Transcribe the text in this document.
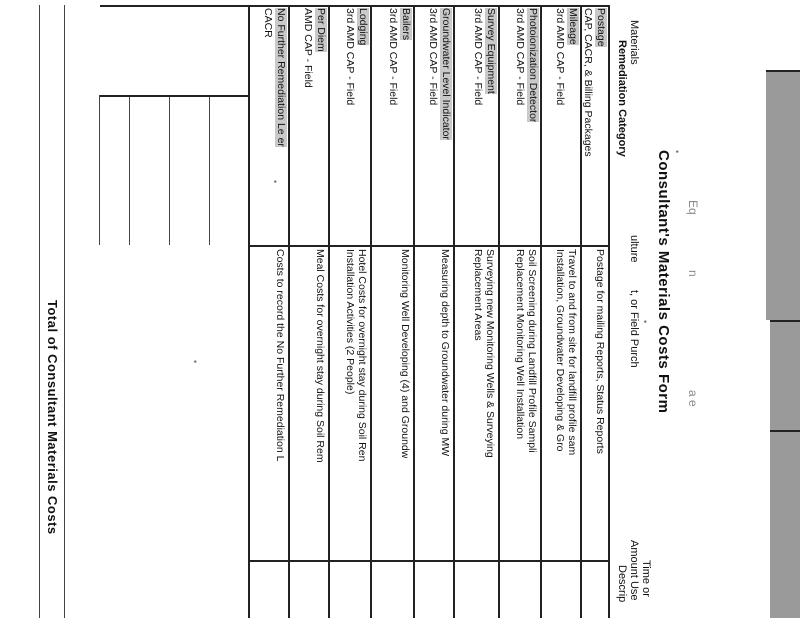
Eq
n
a e
Consultant's Materials Costs Form
Materials
Remediation Category
ulture
t, or Field Purch
Time or
Amount Use
Descrip
Total of Consultant Materials Costs
•
•
•
•
Postage
CAP, CACR, & Billing Packages
Postage for mailing Reports, Status Reports
Mileage
3rd AMD CAP - Field
Travel to and from site for landfill profile sam
Installation, Groundwater Developing & Gro
Photoionization Detector
3rd AMD CAP - Field
Soil Screening during Landfill Profile Sampli
Replacement Monitoring Well Installation
Survey Equipment
3rd AMD CAP - Field
Surveying new Monitoring Wells & Surveying
Replacement Areas
Groundwater Level Indicator
3rd AMD CAP - Field
Measuring depth to Groundwater during MW
Bailers
3rd AMD CAP - Field
Monitoring Well Developing (4) and Groundw
Lodging
3rd AMD CAP - Field
Hotel Costs for overnight stay during Soil Ren
Installation Activities (2 People)
Per Diem
AMD CAP - Field
Meal Costs for overnight stay during Soil Rem
No Further Remediation Le er
CACR
Costs to record the No Further Remediation L
